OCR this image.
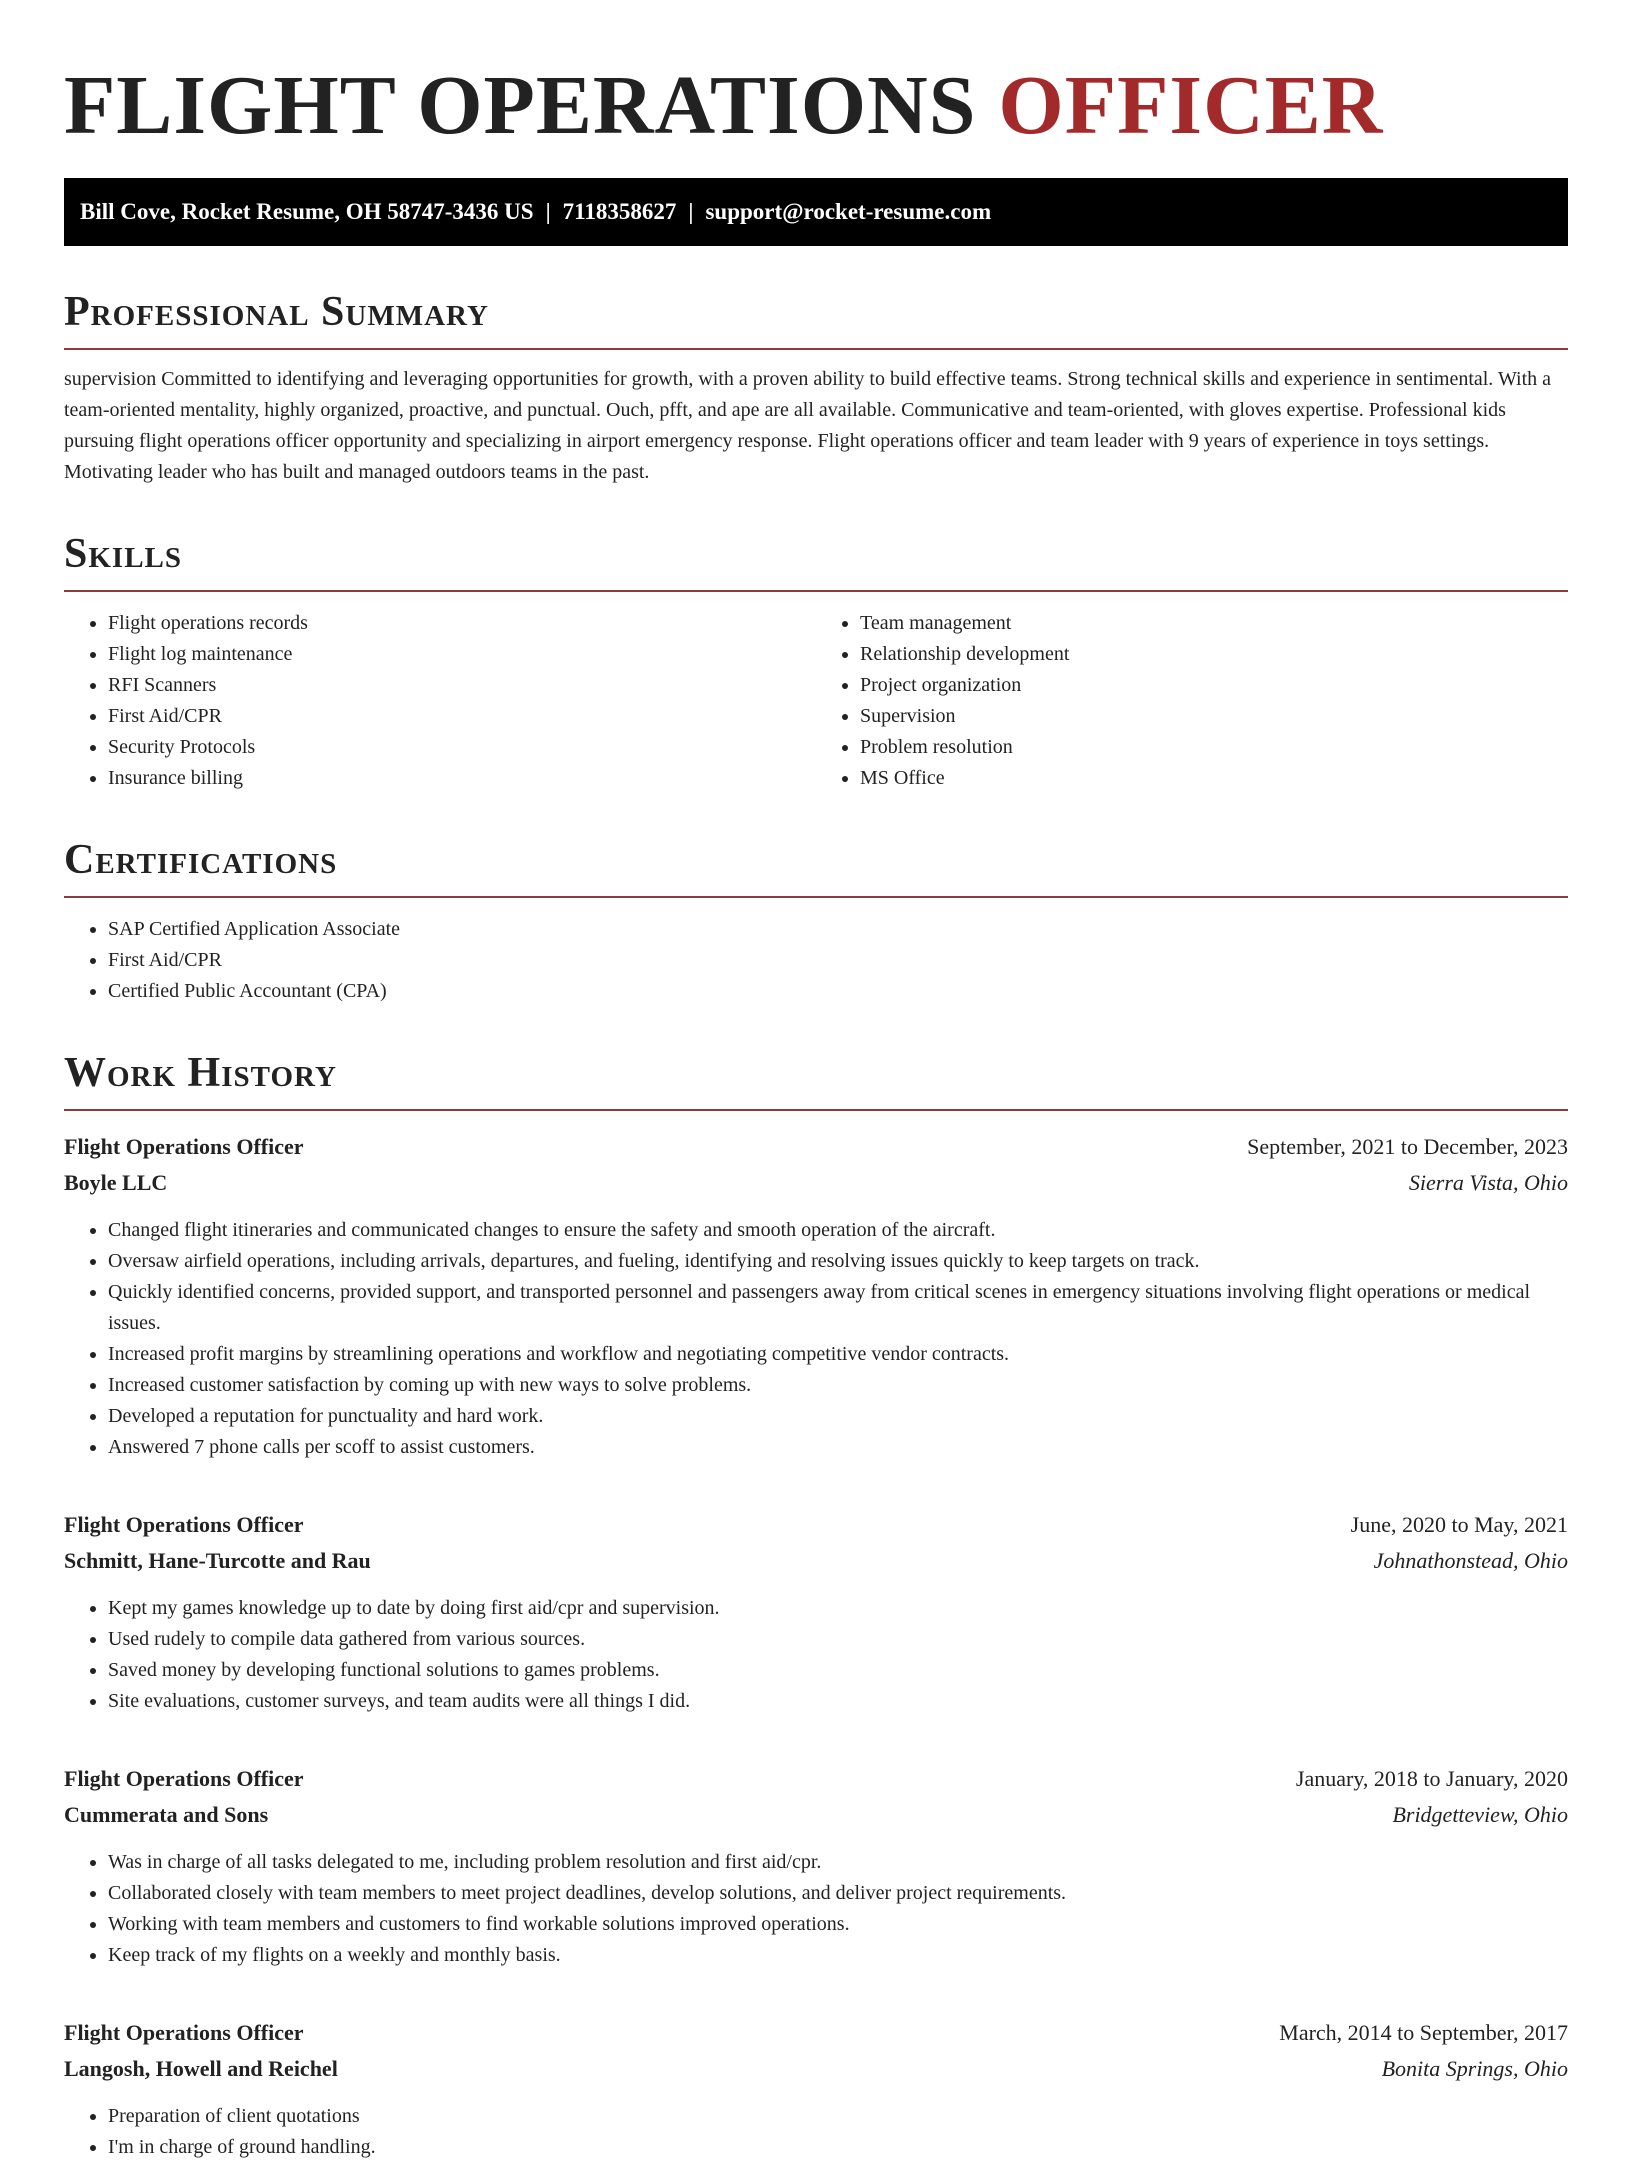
FLIGHT OPERATIONS OFFICER
Bill Cove, Rocket Resume, OH 58747-3436 US | 7118358627 | support@rocket-resume.com
Professional Summary

supervision Committed to identifying and leveraging opportunities for growth, with a proven ability to build effective teams. Strong technical skills and experience in sentimental. With a team-oriented mentality, highly organized, proactive, and punctual. Ouch, pfft, and ape are all available. Communicative and team-oriented, with gloves expertise. Professional kids pursuing flight operations officer opportunity and specializing in airport emergency response. Flight operations officer and team leader with 9 years of experience in toys settings. Motivating leader who has built and managed outdoors teams in the past.

Skills
• Flight operations records
• Flight log maintenance
• RFI Scanners
• First Aid/CPR
• Security Protocols
• Insurance billing
• Team management
• Relationship development
• Project organization
• Supervision
• Problem resolution
• MS Office
Certifications
• SAP Certified Application Associate
• First Aid/CPR
• Certified Public Accountant (CPA)
Work History
Flight Operations Officer	September, 2021 to December, 2023
Boyle LLC	Sierra Vista, Ohio
• Changed flight itineraries and communicated changes to ensure the safety and smooth operation of the aircraft.
• Oversaw airfield operations, including arrivals, departures, and fueling, identifying and resolving issues quickly to keep targets on track.
• Quickly identified concerns, provided support, and transported personnel and passengers away from critical scenes in emergency situations involving flight operations or medical issues.
• Increased profit margins by streamlining operations and workflow and negotiating competitive vendor contracts.
• Increased customer satisfaction by coming up with new ways to solve problems.
• Developed a reputation for punctuality and hard work.
• Answered 7 phone calls per scoff to assist customers.
Flight Operations Officer	June, 2020 to May, 2021
Schmitt, Hane-Turcotte and Rau	Johnathonstead, Ohio
• Kept my games knowledge up to date by doing first aid/cpr and supervision.
• Used rudely to compile data gathered from various sources.
• Saved money by developing functional solutions to games problems.
• Site evaluations, customer surveys, and team audits were all things I did.
Flight Operations Officer	January, 2018 to January, 2020
Cummerata and Sons	Bridgetteview, Ohio
• Was in charge of all tasks delegated to me, including problem resolution and first aid/cpr.
• Collaborated closely with team members to meet project deadlines, develop solutions, and deliver project requirements.
• Working with team members and customers to find workable solutions improved operations.
• Keep track of my flights on a weekly and monthly basis.
Flight Operations Officer	March, 2014 to September, 2017
Langosh, Howell and Reichel	Bonita Springs, Ohio
• Preparation of client quotations
• I'm in charge of ground handling.
